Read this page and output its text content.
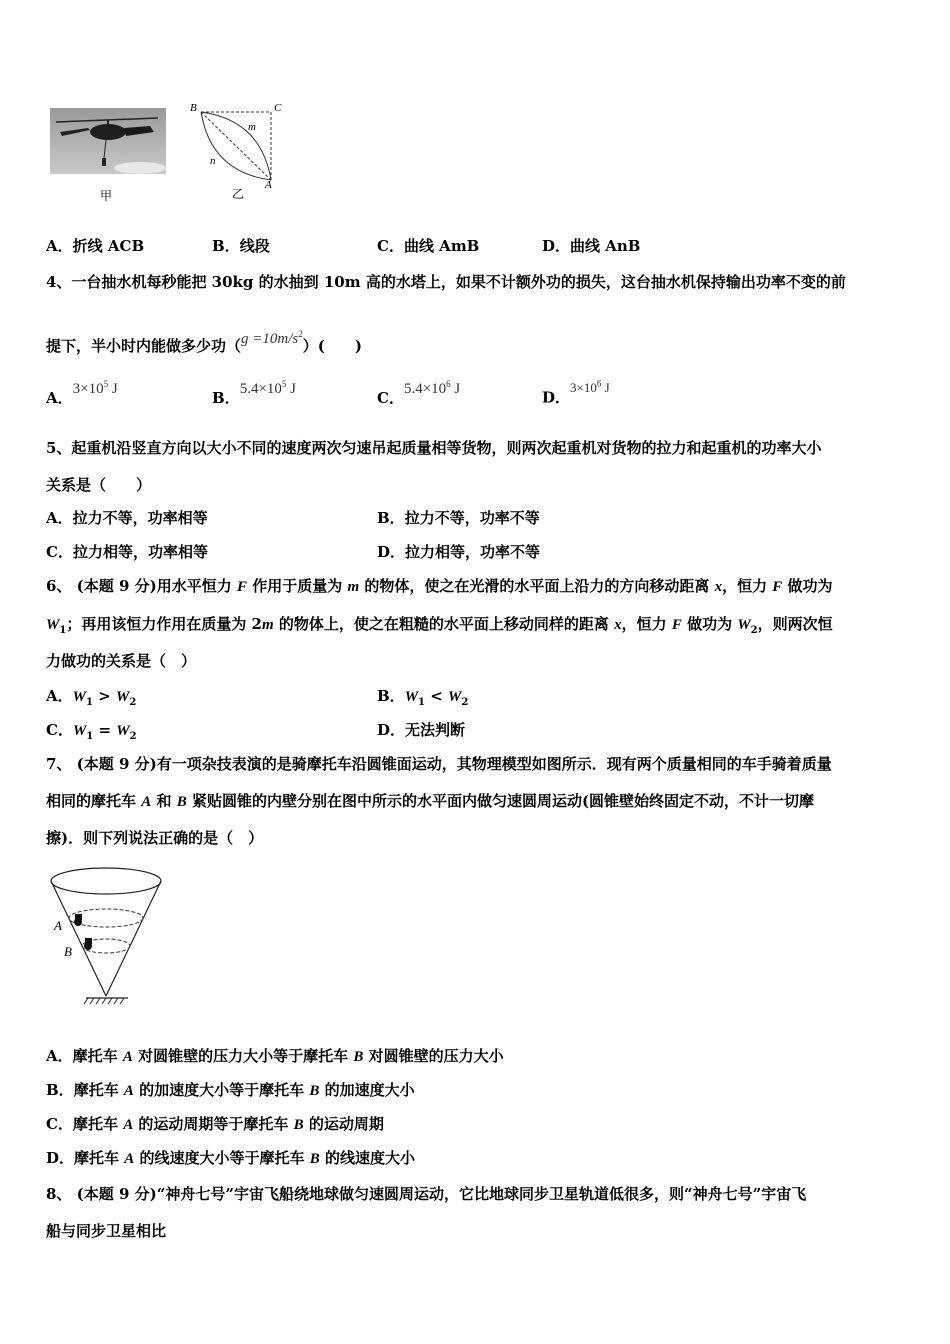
甲
B	C
m
n
A
乙
A．折线 ACB	B．线段	C．曲线 AmB	D．曲线 AnB
4、一台抽水机每秒能把 30kg 的水抽到 10m 高的水塔上，如果不计额外功的损失，这台抽水机保持输出功率不变的前
提下，半小时内能做多少功$(g =10m/s^2)$(　　)
A．$3\times 10^5$ J	B．$5.4\times 10^5$ J	C．$5.4\times 10^6$ J	D．$3\times 10^6$ J
5、起重机沿竖直方向以大小不同的速度两次匀速吊起质量相等货物，则两次起重机对货物的拉力和起重机的功率大小
关系是（　　）
A．拉力不等，功率相等	B．拉力不等，功率不等
C．拉力相等，功率相等	D．拉力相等，功率不等
6、 (本题 9 分)用水平恒力 F 作用于质量为 m 的物体，使之在光滑的水平面上沿力的方向移动距离 x，恒力 F 做功为
$W_1$；再用该恒力作用在质量为 2m 的物体上，使之在粗糙的水平面上移动同样的距离 x，恒力 F 做功为 $W_2$，则两次恒
力做功的关系是（　）
A．$W_1 > W_2$	B．$W_1 < W_2$
C．$W_1 = W_2$	D．无法判断
7、 (本题 9 分)有一项杂技表演的是骑摩托车沿圆锥面运动，其物理模型如图所示．现有两个质量相同的车手骑着质量
相同的摩托车 A 和 B 紧贴圆锥的内壁分别在图中所示的水平面内做匀速圆周运动(圆锥壁始终固定不动，不计一切摩
擦)．则下列说法正确的是（　）
A
B
A．摩托车 A 对圆锥壁的压力大小等于摩托车 B 对圆锥壁的压力大小
B．摩托车 A 的加速度大小等于摩托车 B 的加速度大小
C．摩托车 A 的运动周期等于摩托车 B 的运动周期
D．摩托车 A 的线速度大小等于摩托车 B 的线速度大小
8、 (本题 9 分)“神舟七号”宇宙飞船绕地球做匀速圆周运动，它比地球同步卫星轨道低很多，则“神舟七号”宇宙飞
船与同步卫星相比
